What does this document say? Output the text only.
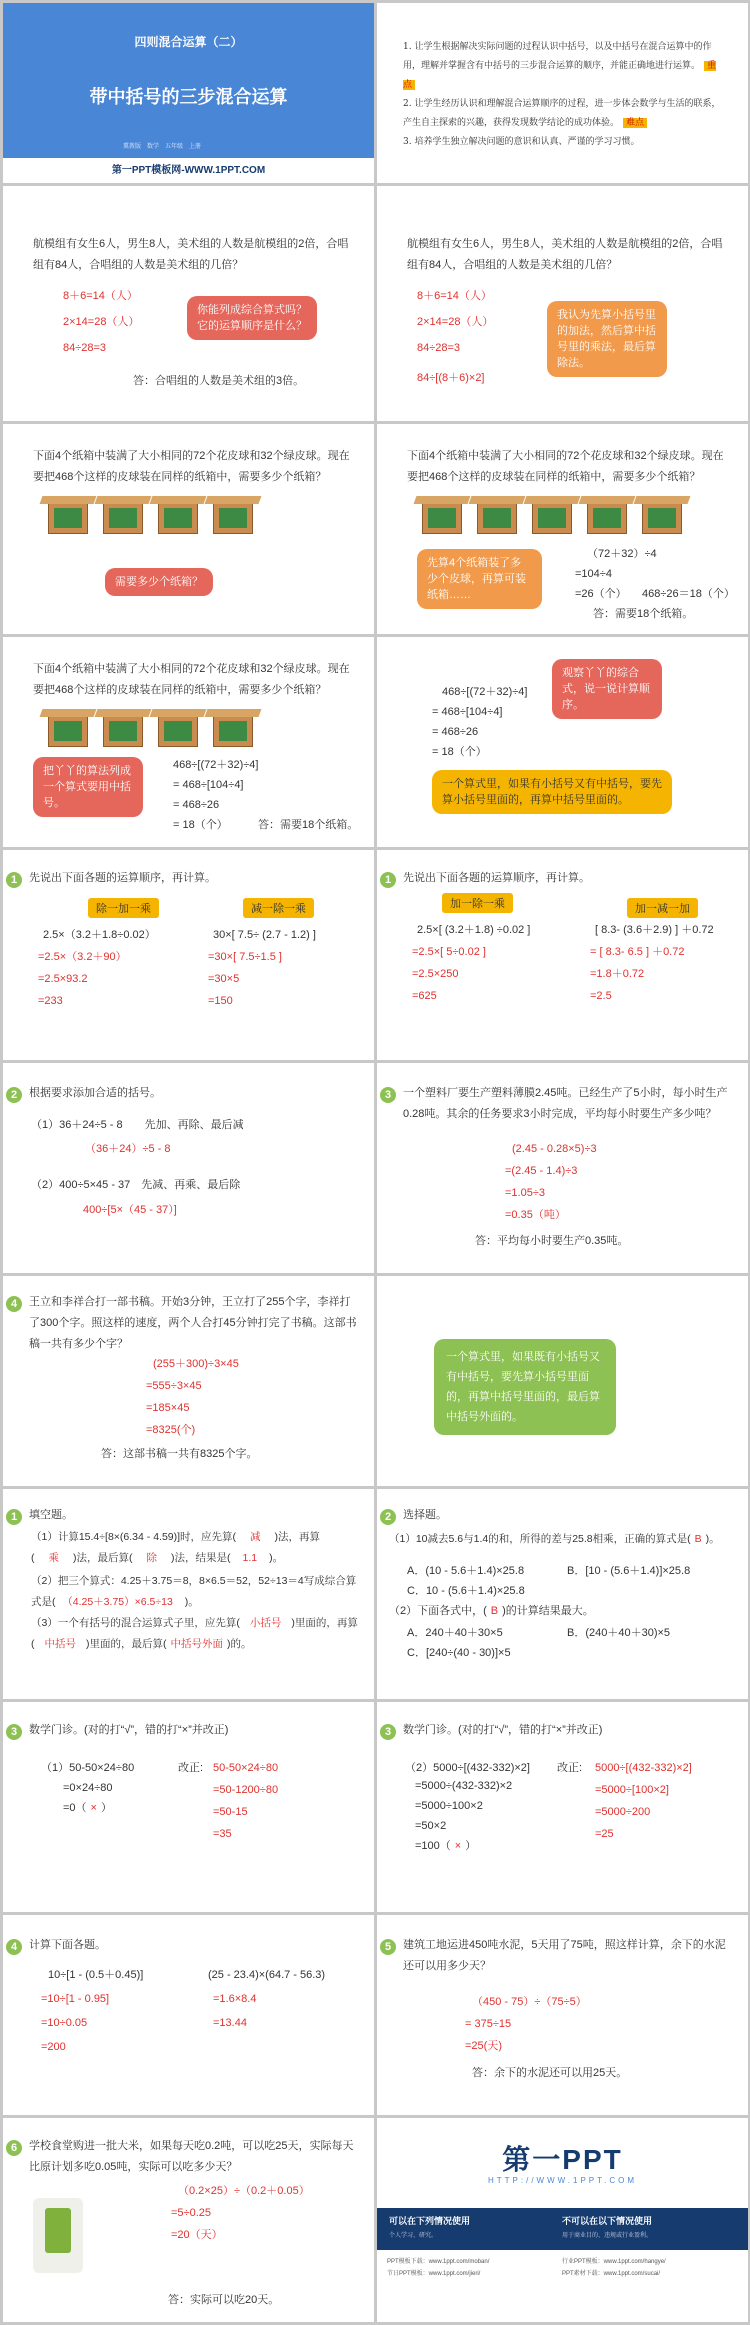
四则混合运算（二）
带中括号的三步混合运算
冀教版　数学　五年级　上册
第一PPT模板网-WWW.1PPT.COM
1. 让学生根据解决实际问题的过程认识中括号，以及中括号在混合运算中的作用，理解并掌握含有中括号的三步混合运算的顺序，并能正确地进行运算。 重点
2. 让学生经历认识和理解混合运算顺序的过程，进一步体会数学与生活的联系，产生自主探索的兴趣，获得发现数学结论的成功体验。 难点
3. 培养学生独立解决问题的意识和认真、严谨的学习习惯。
航模组有女生6人，男生8人，美术组的人数是航模组的2倍，合唱组有84人，合唱组的人数是美术组的几倍？
8＋6=14（人）
2×14=28（人）
84÷28=3
你能列成综合算式吗？它的运算顺序是什么？
答：合唱组的人数是美术组的3倍。
航模组有女生6人，男生8人，美术组的人数是航模组的2倍，合唱组有84人，合唱组的人数是美术组的几倍？
8＋6=14（人）
2×14=28（人）
84÷28=3
84÷[(8＋6)×2]
我认为先算小括号里的加法，然后算中括号里的乘法，最后算除法。
下面4个纸箱中装满了大小相同的72个花皮球和32个绿皮球。现在要把468个这样的皮球装在同样的纸箱中，需要多少个纸箱？
需要多少个纸箱？
下面4个纸箱中装满了大小相同的72个花皮球和32个绿皮球。现在要把468个这样的皮球装在同样的纸箱中，需要多少个纸箱？
先算4个纸箱装了多少个皮球，再算可装纸箱……
（72＋32）÷4
=104÷4
=26（个） 468÷26＝18（个）
答：需要18个纸箱。
下面4个纸箱中装满了大小相同的72个花皮球和32个绿皮球。现在要把468个这样的皮球装在同样的纸箱中，需要多少个纸箱？
把丫丫的算法列成一个算式要用中括号。
468÷[(72＋32)÷4]
= 468÷[104÷4]
= 468÷26
= 18（个）	答：需要18个纸箱。
观察丫丫的综合式，说一说计算顺序。
468÷[(72＋32)÷4]
= 468÷[104÷4]
= 468÷26
= 18（个）
一个算式里，如果有小括号又有中括号，要先算小括号里面的，再算中括号里面的。
1	先说出下面各题的运算顺序，再计算。
除一加一乘	减一除一乘
2.5×（3.2＋1.8÷0.02）
=2.5×（3.2＋90）
=2.5×93.2
=233
30×[ 7.5÷ (2.7 - 1.2) ]
=30×[ 7.5÷1.5 ]
=30×5
=150
1	先说出下面各题的运算顺序，再计算。
加一除一乘	加一减一加
2.5×[ (3.2＋1.8) ÷0.02 ]
=2.5×[ 5÷0.02 ]
=2.5×250
=625
[ 8.3- (3.6＋2.9) ] ＋0.72
= [ 8.3- 6.5 ] ＋0.72
=1.8＋0.72
=2.5
2	根据要求添加合适的括号。
（1）36＋24÷5 - 8　　先加、再除、最后减
（36＋24）÷5 - 8
（2）400÷5×45 - 37　先减、再乘、最后除
400÷[5×（45 - 37）]
3	一个塑料厂要生产塑料薄膜2.45吨。已经生产了5小时，每小时生产0.28吨。其余的任务要求3小时完成，平均每小时要生产多少吨？
(2.45 - 0.28×5)÷3
=(2.45 - 1.4)÷3
=1.05÷3
=0.35（吨）
答：平均每小时要生产0.35吨。
4	王立和李祥合打一部书稿。开始3分钟，王立打了255个字，李祥打了300个字。照这样的速度，两个人合打45分钟打完了书稿。这部书稿一共有多少个字？
(255＋300)÷3×45
=555÷3×45
=185×45
=8325(个)
答：这部书稿一共有8325个字。
一个算式里，如果既有小括号又有中括号，要先算小括号里面的，再算中括号里面的，最后算中括号外面的。
1	填空题。
（1）计算15.4÷[8×(6.34 - 4.59)]时，应先算( 减 )法，再算( 乘 )法，最后算( 除 )法，结果是( 1.1 )。
（2）把三个算式：4.25＋3.75＝8，8×6.5＝52，52÷13＝4写成综合算式是( （4.25＋3.75）×6.5÷13 )。
（3）一个有括号的混合运算式子里，应先算( 小括号 )里面的，再算( 中括号 )里面的，最后算( 中括号外面 )的。
2	选择题。
（1）10减去5.6与1.4的和，所得的差与25.8相乘，正确的算式是( B )。
A．(10 - 5.6＋1.4)×25.8	B．[10 - (5.6＋1.4)]×25.8
C．10 - (5.6＋1.4)×25.8
（2）下面各式中，( B )的计算结果最大。
A．240＋40＋30×5	B．(240＋40＋30)×5
C．[240÷(40 - 30)]×5
3	数学门诊。(对的打“√”，错的打“×”并改正)
（1）50-50×24÷80
=0×24÷80
=0（ × ）
改正: 50-50×24÷80
=50-1200÷80
=50-15
=35
3	数学门诊。(对的打“√”，错的打“×”并改正)
（2）5000÷[(432-332)×2]
=5000÷(432-332)×2
=5000÷100×2
=50×2
=100（ × ）
改正: 5000÷[(432-332)×2]
=5000÷[100×2]
=5000÷200
=25
4	计算下面各题。
10÷[1 - (0.5＋0.45)]
=10÷[1 - 0.95]
=10÷0.05
=200
(25 - 23.4)×(64.7 - 56.3)
=1.6×8.4
=13.44
5	建筑工地运进450吨水泥，5天用了75吨，照这样计算，余下的水泥还可以用多少天？
（450 - 75）÷（75÷5）
= 375÷15
=25(天)
答：余下的水泥还可以用25天。
6	学校食堂购进一批大米，如果每天吃0.2吨，可以吃25天，实际每天比原计划多吃0.05吨，实际可以吃多少天？
（0.2×25）÷（0.2＋0.05）
=5÷0.25
=20（天）
答：实际可以吃20天。
第一PPT
HTTP://WWW.1PPT.COM
可以在下列情况使用	不可以在以下情况使用
个人学习、研究。	用于商业目的、违规或行业盈利。
PPT模板下载：www.1ppt.com/moban/	行业PPT模板：www.1ppt.com/hangye/
节日PPT模板：www.1ppt.com/jieri/	PPT素材下载：www.1ppt.com/sucai/
